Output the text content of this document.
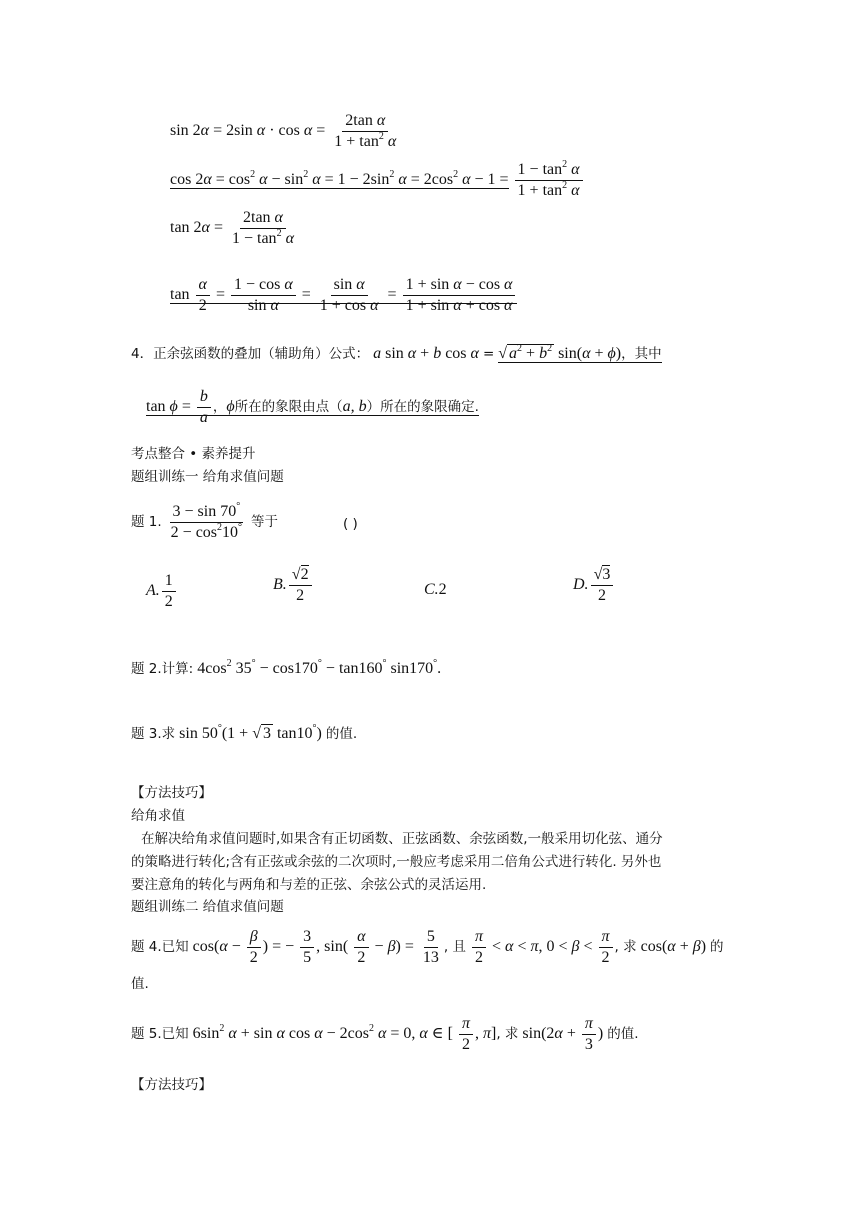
sin 2α = 2sin $\alpha \cdot \cos \alpha = \frac{\text{2tan α}}{1 + \tan^2 \alpha}$
$\cos 2\alpha = \cos^2 \alpha - \sin^2 \alpha = 1 - 2\sin^2$ $\alpha = 2\cos^2$ $\alpha - 1 = \frac{1 - \tan^2 \alpha}{1 + \tan^2 \alpha}$
$\tan 2\alpha = \frac{\text{2tan α}}{1 - \tan^2 \alpha}$
$\tan \frac{\alpha}{2} = \frac{\text{1 − cos α}}{\text{sin α}} = \frac{\text{sin α}}{\text{1 + cos α}} = \frac{\text{1 + sin α − cos α}}{\text{1 + sin α + cos α}}$
4．正余弦函数的叠加（辅助角）公式： a sin α + b cos α = √ $a^2 + b^2$ sin(α + ϕ)，其中
$\tan \phi = \frac{b}{a}$ ，ϕ所在的象限由点（a, b）所在的象限确定.
考点整合 • 素养提升
题组训练一 给角求值问题
题 1. $\frac{3 - \sin 70^\circ}{2 - \cos^210^\circ}$ 等于	( )
A. $\frac{1}{2}$	B. $\frac{√2}{2}$	C.2	D. $\frac{√3}{2}$
题 2.计算: $4\cos^2$ 35° − cos170° − tan160° sin170°.
题 3.求 sin 50°(1 + √ 3 tan10°) 的值.
【方法技巧】
给角求值
在解决给角求值问题时,如果含有正切函数、正弦函数、余弦函数,一般采用切化弦、通分
的策略进行转化;含有正弦或余弦的二次项时,一般应考虑采用二倍角公式进行转化. 另外也
要注意角的转化与两角和与差的正弦、余弦公式的灵活运用.
题组训练二 给值求值问题
题 4.已知 $\cos(\alpha - \frac{\beta}{2}$ ) = − $\frac{3}{5}$ , $\sin( \frac{\alpha}{2} - \beta) = \frac{5}{13}$ , 且 $\frac{\pi}{2} < \alpha < \pi$, $0 < \beta < \frac{\pi}{2}$ , 求 cos(α + β) 的
值.
题 5.已知 $6\sin^2$ α + sin α $\cos \alpha - 2\cos^2$ α = 0, α ∈ [ $\frac{\pi}{2}$ , π], 求 $\sin(2\alpha + \frac{\pi}{3}$ ) 的值.
【方法技巧】
